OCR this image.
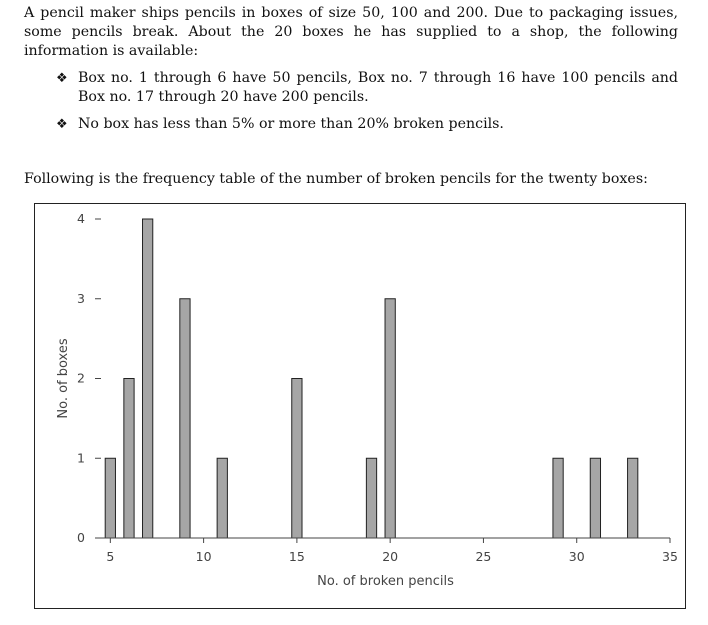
A pencil maker ships pencils in boxes of size 50, 100 and 200. Due to packaging issues, some pencils break. About the 20 boxes he has supplied to a shop, the following information is available:

❖ Box no. 1 through 6 have 50 pencils, Box no. 7 through 16 have 100 pencils and Box no. 17 through 20 have 200 pencils.
❖ No box has less than 5% or more than 20% broken pencils.
Following is the frequency table of the number of broken pencils for the twenty boxes:
0
1
2
3
4
5	10	15	20	25	30	35
No. of broken pencils
No. of boxes
